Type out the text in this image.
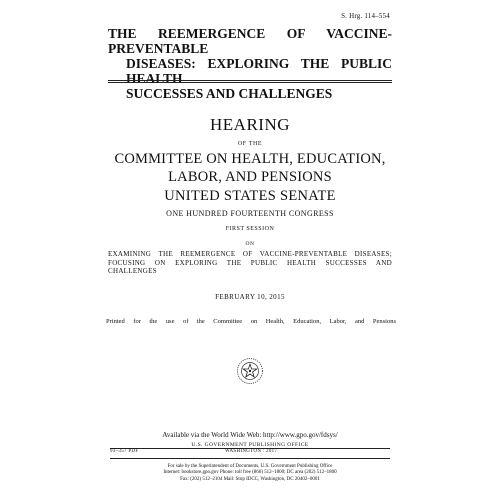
S. Hrg. 114–554
THE REEMERGENCE OF VACCINE-PREVENTABLE
DISEASES: EXPLORING THE PUBLIC HEALTH
SUCCESSES AND CHALLENGES
HEARING
OF THE
COMMITTEE ON HEALTH, EDUCATION,
LABOR, AND PENSIONS
UNITED STATES SENATE
ONE HUNDRED FOURTEENTH CONGRESS
FIRST SESSION
ON
EXAMINING THE REEMERGENCE OF VACCINE-PREVENTABLE DISEASES;
FOCUSING ON EXPLORING THE PUBLIC HEALTH SUCCESSES AND
CHALLENGES
FEBRUARY 10, 2015
Printed for the use of the Committee on Health, Education, Labor, and Pensions
Available via the World Wide Web: http://www.gpo.gov/fdsys/
U.S. GOVERNMENT PUBLISHING OFFICE
93–357 PDF	WASHINGTON : 2017
For sale by the Superintendent of Documents, U.S. Government Publishing Office
Internet: bookstore.gpo.gov Phone: toll free (866) 512–1800; DC area (202) 512–1800
Fax: (202) 512–2104 Mail: Stop IDCC, Washington, DC 20402–0001
